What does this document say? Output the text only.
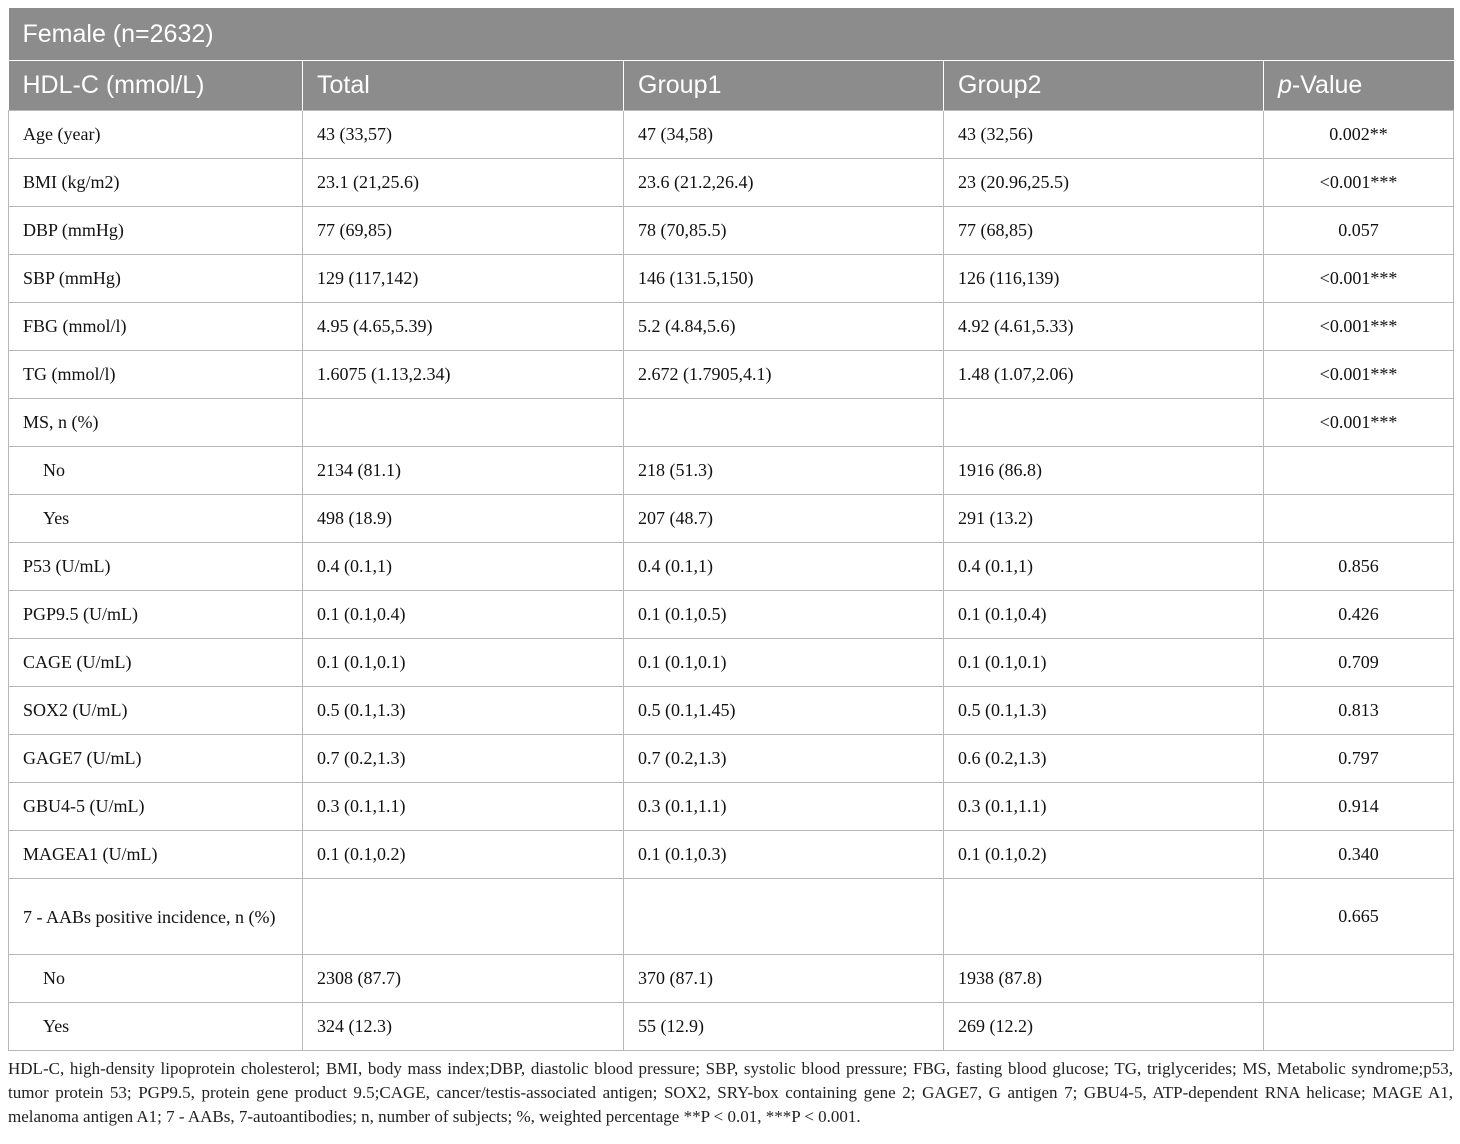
Female (n=2632)				
HDL-C (mmol/L)	Total	Group1	Group2	p-Value
Age (year)	43 (33,57)	47 (34,58)	43 (32,56)	0.002**
BMI (kg/m2)	23.1 (21,25.6)	23.6 (21.2,26.4)	23 (20.96,25.5)	<0.001***
DBP (mmHg)	77 (69,85)	78 (70,85.5)	77 (68,85)	0.057
SBP (mmHg)	129 (117,142)	146 (131.5,150)	126 (116,139)	<0.001***
FBG (mmol/l)	4.95 (4.65,5.39)	5.2 (4.84,5.6)	4.92 (4.61,5.33)	<0.001***
TG (mmol/l)	1.6075 (1.13,2.34)	2.672 (1.7905,4.1)	1.48 (1.07,2.06)	<0.001***
MS, n (%)				<0.001***
No	2134 (81.1)	218 (51.3)	1916 (86.8)	
Yes	498 (18.9)	207 (48.7)	291 (13.2)	
P53 (U/mL)	0.4 (0.1,1)	0.4 (0.1,1)	0.4 (0.1,1)	0.856
PGP9.5 (U/mL)	0.1 (0.1,0.4)	0.1 (0.1,0.5)	0.1 (0.1,0.4)	0.426
CAGE (U/mL)	0.1 (0.1,0.1)	0.1 (0.1,0.1)	0.1 (0.1,0.1)	0.709
SOX2 (U/mL)	0.5 (0.1,1.3)	0.5 (0.1,1.45)	0.5 (0.1,1.3)	0.813
GAGE7 (U/mL)	0.7 (0.2,1.3)	0.7 (0.2,1.3)	0.6 (0.2,1.3)	0.797
GBU4-5 (U/mL)	0.3 (0.1,1.1)	0.3 (0.1,1.1)	0.3 (0.1,1.1)	0.914
MAGEA1 (U/mL)	0.1 (0.1,0.2)	0.1 (0.1,0.3)	0.1 (0.1,0.2)	0.340
7 - AABs positive incidence, n (%)				0.665
No	2308 (87.7)	370 (87.1)	1938 (87.8)	
Yes	324 (12.3)	55 (12.9)	269 (12.2)	
HDL-C, high-density lipoprotein cholesterol; BMI, body mass index;DBP, diastolic blood pressure; SBP, systolic blood pressure; FBG, fasting blood glucose; TG, triglycerides; MS, Metabolic syndrome;p53, tumor protein 53; PGP9.5, protein gene product 9.5;CAGE, cancer/testis-associated antigen; SOX2, SRY-box containing gene 2; GAGE7, G antigen 7; GBU4-5, ATP-dependent RNA helicase; MAGE A1, melanoma antigen A1; 7 - AABs, 7-autoantibodies; n, number of subjects; %, weighted percentage **P < 0.01, ***P < 0.001.
